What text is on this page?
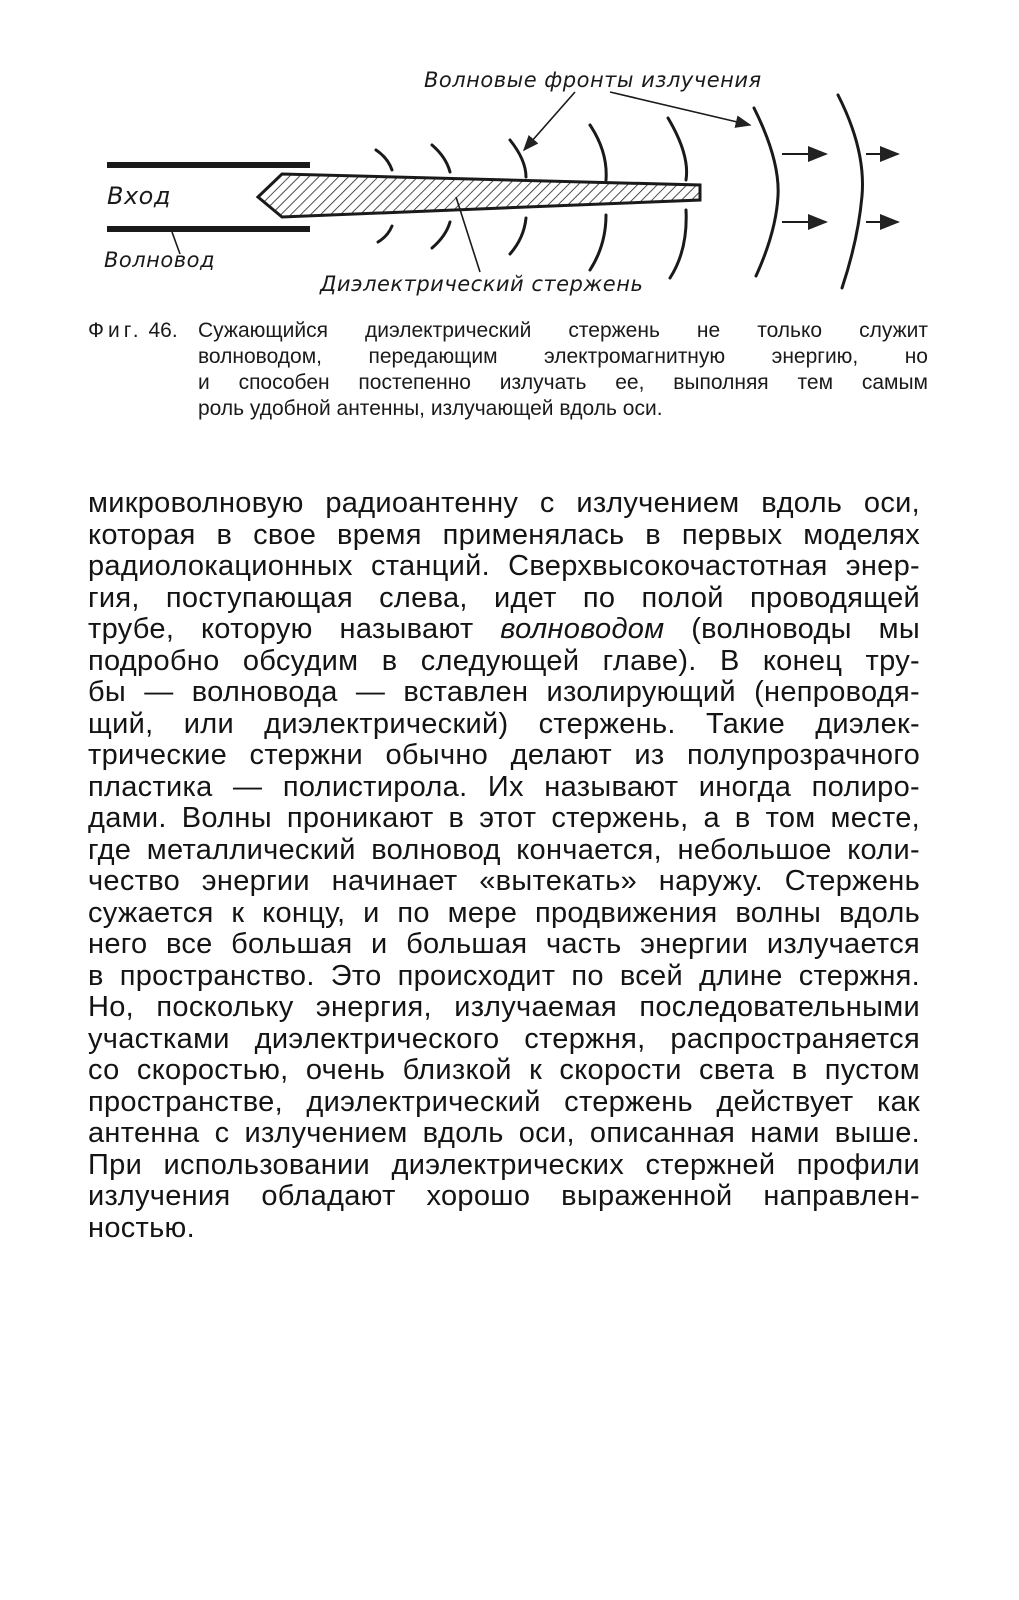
Волновые фронты излучения
Вход
Волновод
Диэлектрический стержень
Фиг. 46. Сужающийся диэлектрический стержень не только служит
волноводом, передающим электромагнитную энергию, но
и способен постепенно излучать ее, выполняя тем самым
роль удобной антенны, излучающей вдоль оси.
микроволновую радиоантенну с излучением вдоль оси,
которая в свое время применялась в первых моделях
радиолокационных станций. Сверхвысокочастотная энер-
гия, поступающая слева, идет по полой проводящей
трубе, которую называют волноводом (волноводы мы
подробно обсудим в следующей главе). В конец тру-
бы — волновода — вставлен изолирующий (непроводя-
щий, или диэлектрический) стержень. Такие диэлек-
трические стержни обычно делают из полупрозрачного
пластика — полистирола. Их называют иногда полиро-
дами. Волны проникают в этот стержень, а в том месте,
где металлический волновод кончается, небольшое коли-
чество энергии начинает «вытекать» наружу. Стержень
сужается к концу, и по мере продвижения волны вдоль
него все большая и большая часть энергии излучается
в пространство. Это происходит по всей длине стержня.
Но, поскольку энергия, излучаемая последовательными
участками диэлектрического стержня, распространяется
со скоростью, очень близкой к скорости света в пустом
пространстве, диэлектрический стержень действует как
антенна с излучением вдоль оси, описанная нами выше.
При использовании диэлектрических стержней профили
излучения обладают хорошо выраженной направлен-
ностью.
